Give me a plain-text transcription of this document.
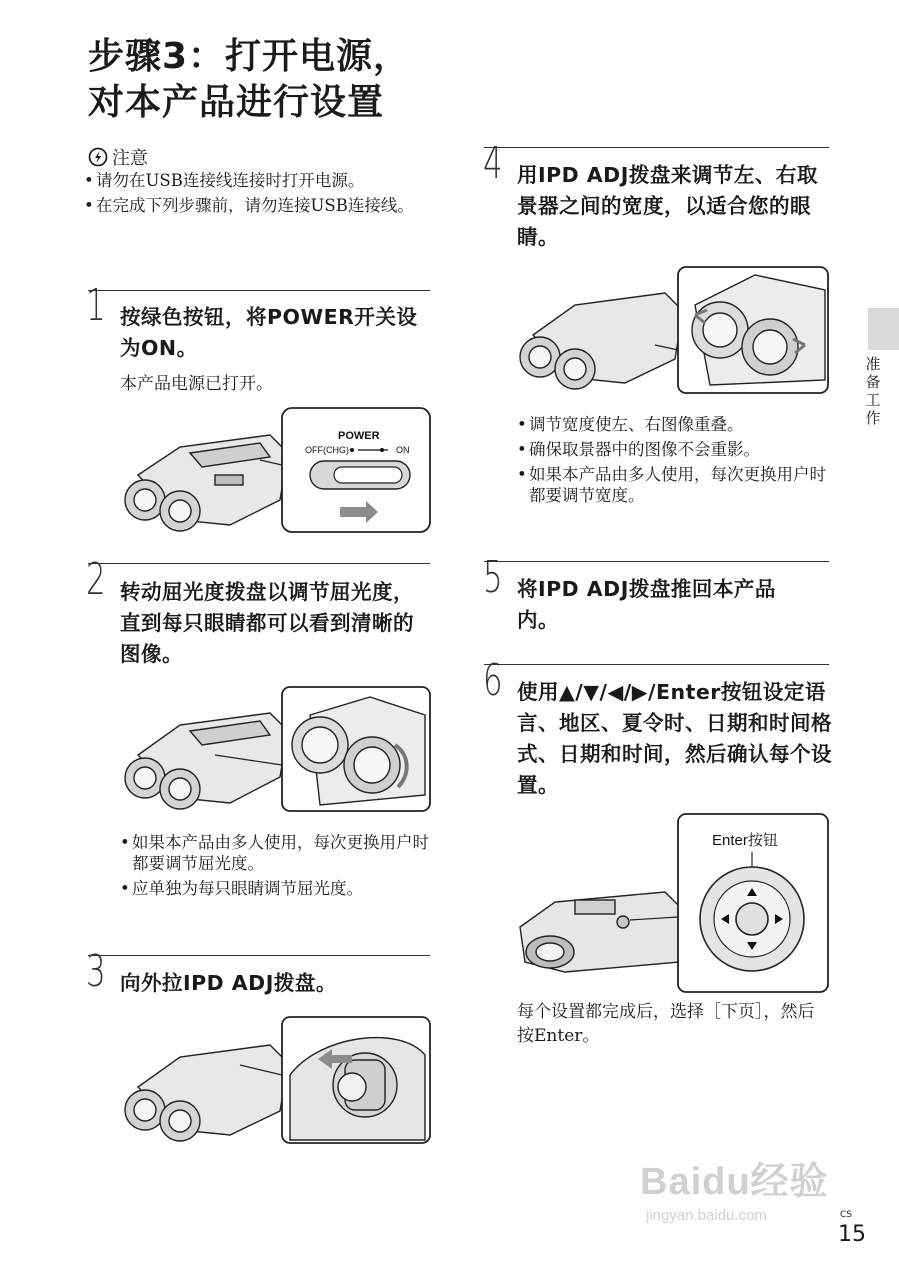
步骤3：打开电源，
对本产品进行设置
注意
• 请勿在USB连接线连接时打开电源。
• 在完成下列步骤前，请勿连接USB连接线。
1 按绿色按钮，将POWER开关设为ON。
本产品电源已打开。
POWER
OFF(CHG)	ON
2 转动屈光度拨盘以调节屈光度，直到每只眼睛都可以看到清晰的图像。
• 如果本产品由多人使用，每次更换用户时都要调节屈光度。
• 应单独为每只眼睛调节屈光度。
3 向外拉IPD ADJ拨盘。
4 用IPD ADJ拨盘来调节左、右取景器之间的宽度，以适合您的眼睛。
• 调节宽度使左、右图像重叠。
• 确保取景器中的图像不会重影。
• 如果本产品由多人使用，每次更换用户时都要调节宽度。
5 将IPD ADJ拨盘推回本产品内。
6 使用▲/▼/◀/▶/Enter按钮设定语言、地区、夏令时、日期和时间格式、日期和时间，然后确认每个设置。
Enter按钮
每个设置都完成后，选择［下页］，然后按Enter。
准备工作
Baidu经验
jingyan.baidu.com	CS
15
